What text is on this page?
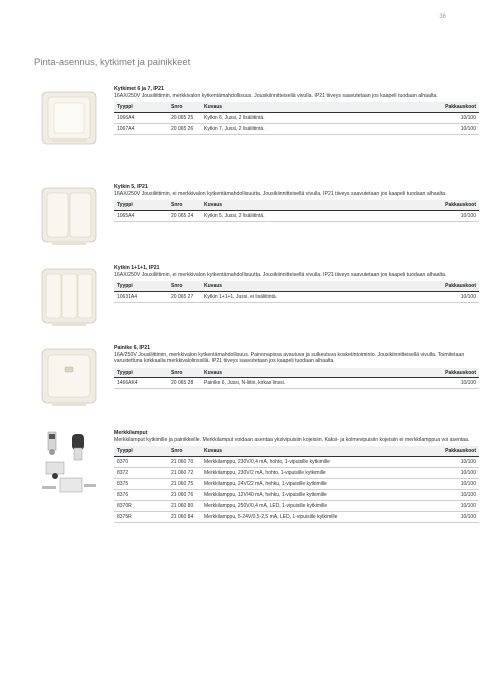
36
Pinta-asennus, kytkimet ja painikkeet
Kytkimet 6 ja 7, IP21
16AX/250V Jousiliittimin, merkkivalon kytkentämahdollisuus. Jousikiinnitteisellä vivulla. IP21 tiiveys saavutetaan jos kaapeli tuodaan alhaalta.
Tyyppi	Snro	Kuvaus	Pakkauskoot
1066A4	20 065 25	Kytkin 6, Jussi, 2 lisäliitintä.	10/100
1067A4	20 065 26	Kytkin 7, Jussi, 2 lisäliitintä.	10/100
Kytkin 5, IP21
16AX/250V Jousiliittimin, ei merkkivalon kytkentämahdollisuutta. Jousikiinnitteisellä vivulla. IP21 tiiveys saavutetaan jos kaapeli tuodaan alhaalta.
Tyyppi	Snro	Kuvaus	Pakkauskoot
1065A4	20 065 24	Kytkin 5, Jussi, 2 lisäliitintä.	10/100
Kytkin 1+1+1, IP21
16AX/250V Jousiliittimin, ei merkkivalon kytkentämahdollisuutta. Jousikiinnitteisellä vivulla. IP21 tiiveys saavutetaan jos kaapeli tuodaan alhaalta.
Tyyppi	Snro	Kuvaus	Pakkauskoot
10631A4	20 065 27	Kytkin 1+1+1, Jussi, ei lisäliitintä.	10/100
Painike 6, IP21
16A/250V Jousiliittimin, merkkivalon kytkentämahdollisuus. Painonapissa avautuva ja sulkeutuva kosketintoiminto. Jousikiinnitteisellä vivulla. Toimitetaan varustettuna kirkkaalla merkkivalolinssillä. IP21 tiiveys saavutetaan jos kaapeli tuodaan alhaalta.
Tyyppi	Snro	Kuvaus	Pakkauskoot
1466AK4	20 065 28	Painike 6, Jussi, N-liitin, kirkas linssi.	10/100
Merkkilamput
Merkkilamput kytkimille ja painikkeille. Merkkilamput voidaan asentaa yksivipuisiin kojeisiin. Kaksi- ja kolmevipuisiin kojeisiin ei merkkilamppua voi asentaa.
Tyyppi	Snro	Kuvaus	Pakkauskoot
8370	21 060 70	Merkkilamppu, 230V/0,4 mA, hohto, 1-vipuisille kytkimille	10/100
8372	21 060 72	Merkkilamppu, 230V/2 mA, hohto, 1-vipuisille kytkimille	10/100
8375	21 060 75	Merkkilamppu, 24V/22 mA, hehku, 1-vipuisille kytkimille	10/100
8376	21 060 76	Merkkilamppu, 12V/40 mA, hehku, 1-vipuisille kytkimille	10/100
8370R	21 060 80	Merkkilamppu, 250V/0,4 mA, LED, 1-vipuisille kytkimille	10/100
8375R	21 060 84	Merkkilamppu, 5-24V/0,5-2,5 mA, LED, 1-vipuisille kytkimille	10/100
